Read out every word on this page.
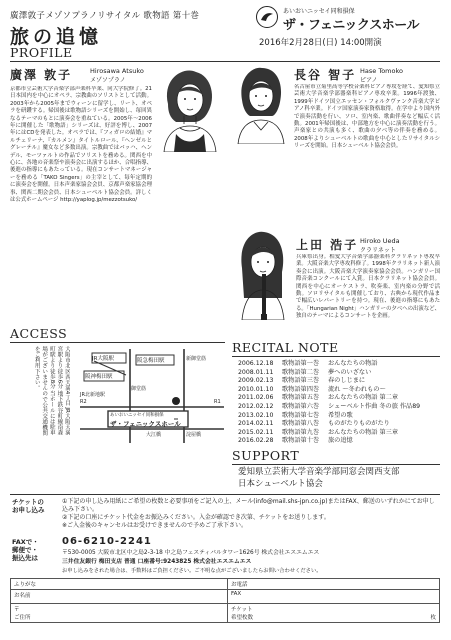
廣澤敦子メゾソプラノリサイタル 歌物語 第十巻
旅の追憶
あいおいニッセイ同和損保
ザ・フェニックスホール
2016年2月28日(日) 14:00開演
PROFILE
廣澤 敦子	Hirosawa Atsuko
メゾソプラノ
京都市立芸術大学音楽学部声楽科卒業、同大学院修了。21日本国内を中心にオペラ、宗教曲のソリストとして活動。2003年から2005年までウィーンに留学し、リート、オペラを研鑽する。帰国後は歌物語シリーズを開始し、毎回異なるテーマのもとに演奏会を重ねている。2005年〜2006年に開催した「歌物語」シリーズは、好評を博し、2007年にはCDを発表した。オペラでは、『フィガロの結婚』マルチェリーナ、『カルメン』タイトルロール、『ヘンゼルとグレーテル』魔女など多数出演。宗教曲ではバッハ、ヘンデル、モーツァルトの作品でソリストを務める。関西を中心に、各地の音楽祭や演奏会に出演するほか、合唱指導、後進の指導にもあたっている。現在コンサートマネージャーを務める「TAKO Singers」の主宰として、毎年定期的に演奏会を開催。日本声楽家協会会員、京都声楽家協会理事、関西二期会会員、日本シューベルト協会会員。詳しくは公式ホームページ http://yaplog.jp/mezzotsuko/
長谷 智子 Hase Tomoko
ピアノ
名古屋市立菊里高等学校音楽科ピアノ専攻を経て、愛知県立芸術大学音楽学部器楽科ピアノ専攻卒業。1996年渡独、1999年ドイツ国立エッセン・フォルクヴァンク音楽大学ピアノ科卒業。ドイツ国家演奏家資格取得。在学中より国内外で演奏活動を行い、ソロ、室内楽、歌曲伴奏など幅広く活動。2001年帰国後は、中部地方を中心に演奏活動を行う。声楽家との共演も多く、歌曲の夕べ等の伴奏を務める。2008年よりシューベルトの歌曲を中心としたリサイタルシリーズを開始。日本シューベルト協会会員。
上田 浩子 Hiroko Ueda
クラリネット
兵庫県出身。相愛大学音楽学部器楽科クラリネット専攻卒業。大阪音楽大学専攻科修了。1998年クラリネット新人演奏会に出演。大阪音楽大学演奏家協会会員。ハンガリー国際音楽コンクールにて入賞。日本クラリネット協会会員。関西を中心にオーケストラ、吹奏楽、室内楽の分野で活動。ソロリサイタルも開催しており、古典から現代作品まで幅広いレパートリーを持つ。現在、後進の指導にもあたる。「Hungarian Night」ハンガリーの夕べへの出演など、独自のテーマによるコンサートを企画。
ACCESS
大阪市北区西天満4丁目 JR大阪天満宮駅より徒歩6分 地下鉄谷町線南森町駅より徒歩8分 当ホールには駐車場がございませんので公共交通機関をご利用下さい。	JR大阪駅	阪急梅田駅
阪神梅田駅
御堂筋
新御堂筋
R2	R1
JR北新地駅
あいおいニッセイ同和損保
ザ・フェニックスホール
大江橋	淀屋橋
RECITAL NOTE
2006.12.18	歌物語第一巻	おんなたちの物語
2008.01.11	歌物語第二巻	夢へのいざない
2009.02.13	歌物語第三巻	春のしじまに
2010.01.10	歌物語第四巻	流れ 〜冬われもの〜
2011.02.06	歌物語第五巻	おんなたちの物語 第二章
2012.02.12	歌物語第六巻	シューベルト作曲 冬の旅 作品89
2013.02.10	歌物語第七巻	希望の歌
2014.02.11	歌物語第八巻	ものがたりものがたり
2015.02.11	歌物語第九巻	おんなたちの物語 第三章
2016.02.28	歌物語第十巻	旅の追憶
SUPPORT
愛知県立芸術大学音楽学部同窓会関西支部
日本シューベルト協会
チケットの
お申し込み
①下記の申し込み用紙にご希望の枚数と必要事項をご記入の上、メール(info@mail.shs-jpn.co.jp)またはFAX、郵送のいずれかにてお申し込み下さい。
②下記の口座にチケット代金をお振込みください。入金が確認でき次第、チケットをお送りします。
※ご入金後のキャンセルはお受けできませんので予めご了承下さい。
FAXで・
郵便で・
振込先は
06-6210-2241
〒530-0005 大阪市北区中之島2-3-18 中之島フェスティバルタワー1626号 株式会社エスエムエス
三井住友銀行 梅田支店 普通 口座番号:9243825 株式会社エスエムエス
お申し込みをされた場合は、手数料はご負担ください。ご不明な点がございましたらお問い合わせください。
ふりがな	お電話
お名前	FAX
〒
ご住所	チケット
希望枚数 枚
